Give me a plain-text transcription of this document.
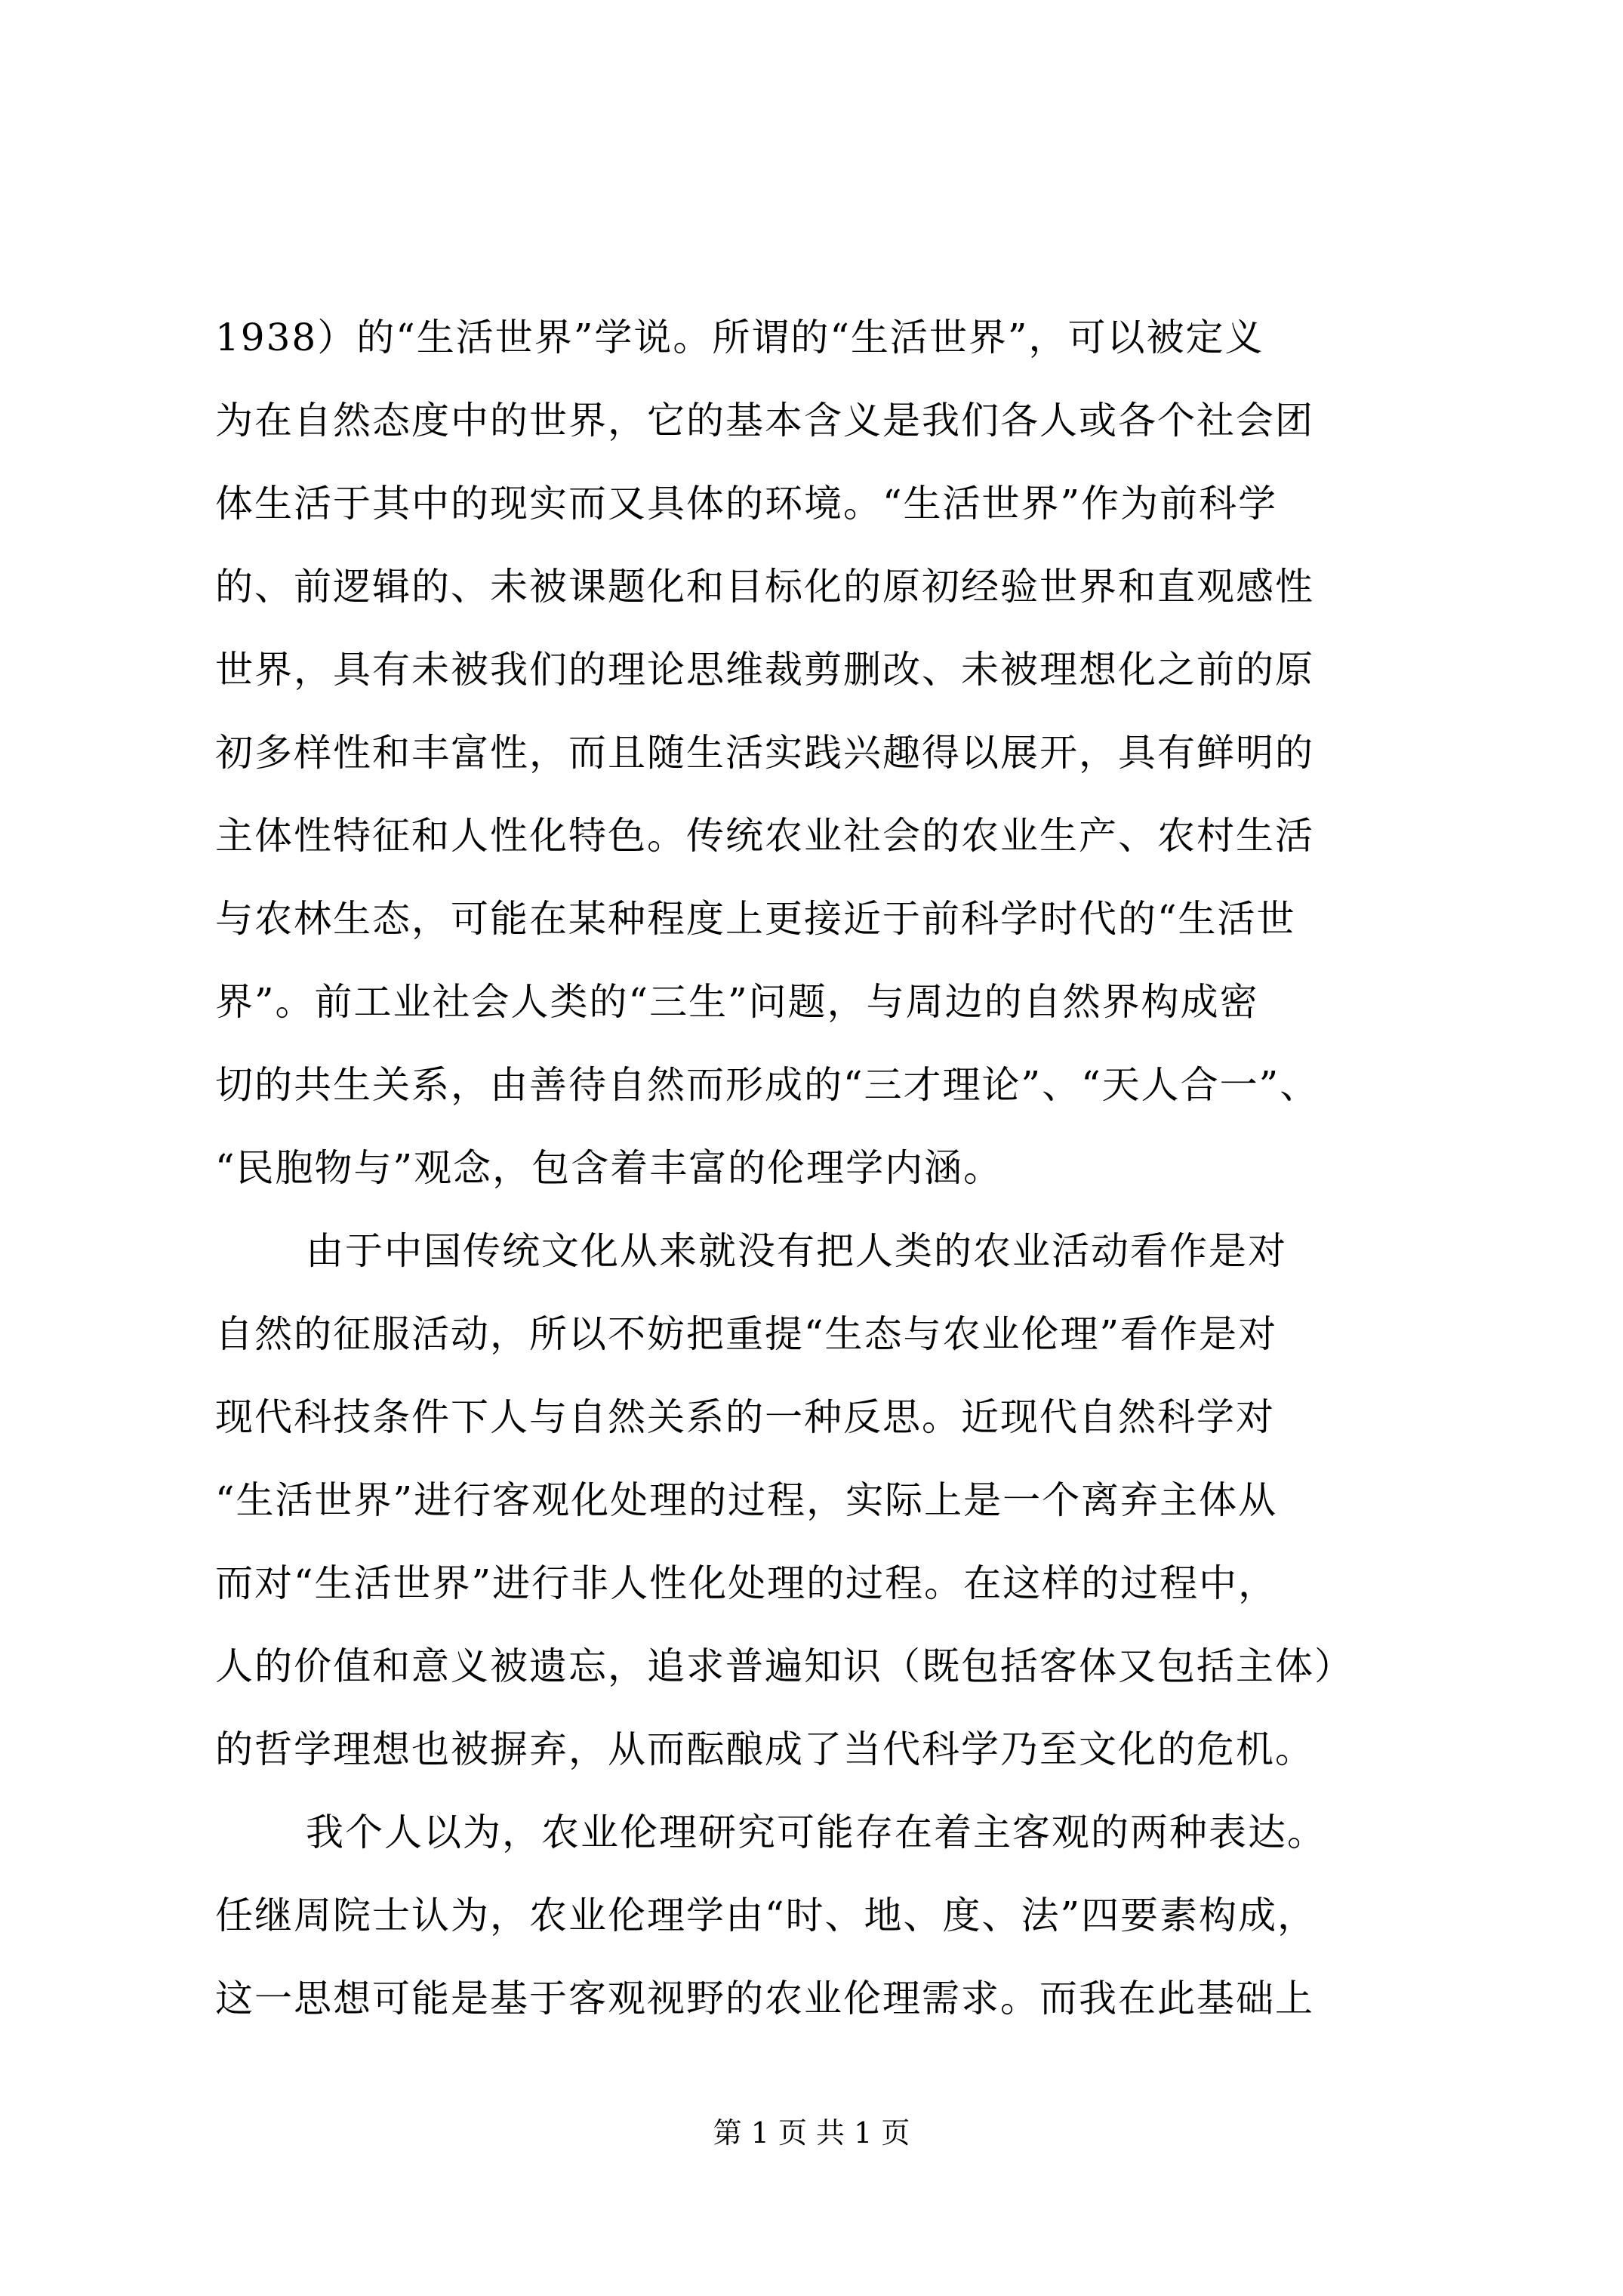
1938）的“生活世界”学说。所谓的“生活世界”，可以被定义
为在自然态度中的世界，它的基本含义是我们各人或各个社会团
体生活于其中的现实而又具体的环境。“生活世界”作为前科学
的、前逻辑的、未被课题化和目标化的原初经验世界和直观感性
世界，具有未被我们的理论思维裁剪删改、未被理想化之前的原
初多样性和丰富性，而且随生活实践兴趣得以展开，具有鲜明的
主体性特征和人性化特色。传统农业社会的农业生产、农村生活
与农林生态，可能在某种程度上更接近于前科学时代的“生活世
界”。前工业社会人类的“三生”问题，与周边的自然界构成密
切的共生关系，由善待自然而形成的“三才理论”、“天人合一”、
“民胞物与”观念，包含着丰富的伦理学内涵。
由于中国传统文化从来就没有把人类的农业活动看作是对
自然的征服活动，所以不妨把重提“生态与农业伦理”看作是对
现代科技条件下人与自然关系的一种反思。近现代自然科学对
“生活世界”进行客观化处理的过程，实际上是一个离弃主体从
而对“生活世界”进行非人性化处理的过程。在这样的过程中，
人的价值和意义被遗忘，追求普遍知识（既包括客体又包括主体）
的哲学理想也被摒弃，从而酝酿成了当代科学乃至文化的危机。
我个人以为，农业伦理研究可能存在着主客观的两种表达。
任继周院士认为，农业伦理学由“时、地、度、法”四要素构成，
这一思想可能是基于客观视野的农业伦理需求。而我在此基础上
第 1 页 共 1 页
